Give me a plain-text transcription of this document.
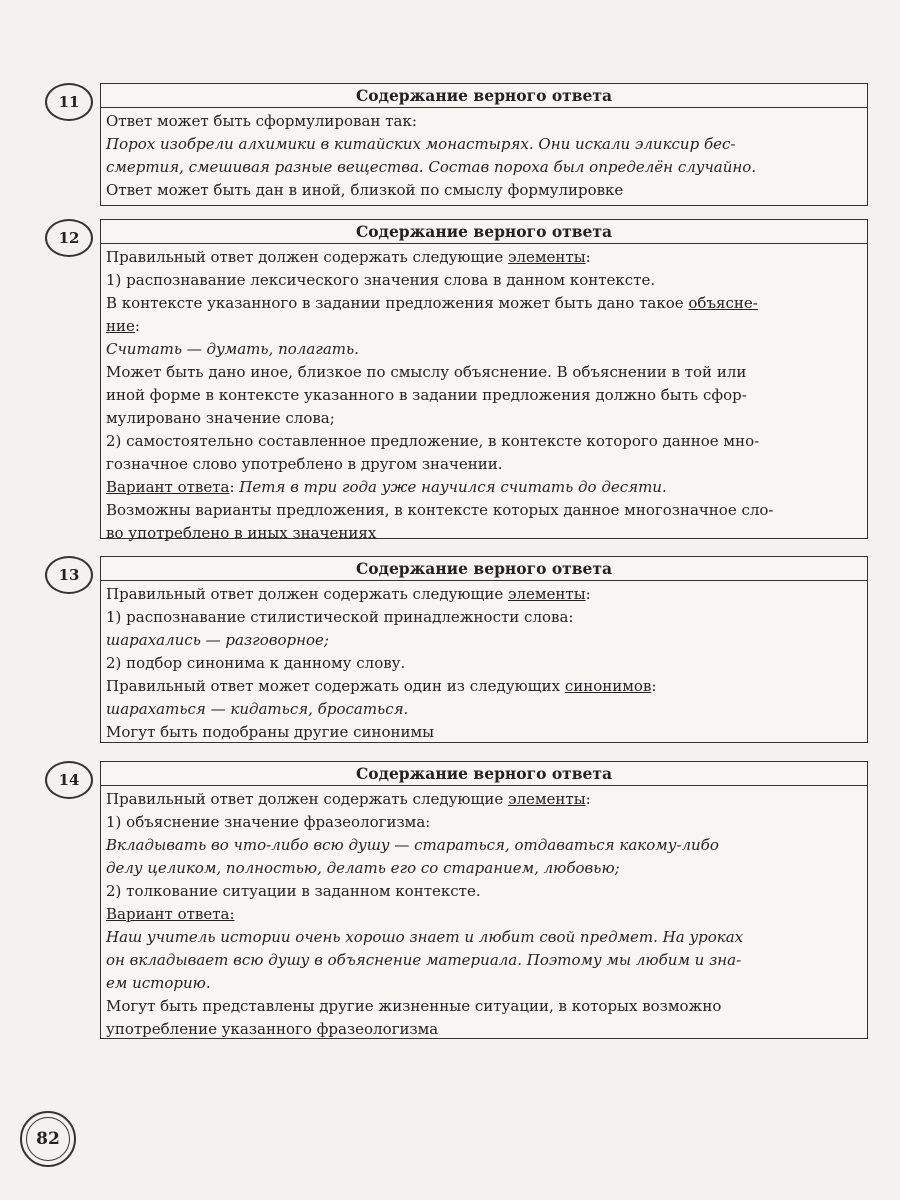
11	Содержание верного ответа
Ответ может быть сформулирован так:
Порох изобрели алхимики в китайских монастырях. Они искали эликсир бес-
смертия, смешивая разные вещества. Состав пороха был определён случайно.
Ответ может быть дан в иной, близкой по смыслу формулировке
12	Содержание верного ответа
Правильный ответ должен содержать следующие элементы:
1) распознавание лексического значения слова в данном контексте.
В контексте указанного в задании предложения может быть дано такое объясне-
ние:
Считать — думать, полагать.
Может быть дано иное, близкое по смыслу объяснение. В объяснении в той или
иной форме в контексте указанного в задании предложения должно быть сфор-
мулировано значение слова;
2) самостоятельно составленное предложение, в контексте которого данное мно-
гозначное слово употреблено в другом значении.
Вариант ответа: Петя в три года уже научился считать до десяти.
Возможны варианты предложения, в контексте которых данное многозначное сло-
во употреблено в иных значениях
13	Содержание верного ответа
Правильный ответ должен содержать следующие элементы:
1) распознавание стилистической принадлежности слова:
шарахались — разговорное;
2) подбор синонима к данному слову.
Правильный ответ может содержать один из следующих синонимов:
шарахаться — кидаться, бросаться.
Могут быть подобраны другие синонимы
14	Содержание верного ответа
Правильный ответ должен содержать следующие элементы:
1) объяснение значение фразеологизма:
Вкладывать во что-либо всю душу — стараться, отдаваться какому-либо
делу целиком, полностью, делать его со старанием, любовью;
2) толкование ситуации в заданном контексте.
Вариант ответа:
Наш учитель истории очень хорошо знает и любит свой предмет. На уроках
он вкладывает всю душу в объяснение материала. Поэтому мы любим и зна-
ем историю.
Могут быть представлены другие жизненные ситуации, в которых возможно
употребление указанного фразеологизма
82
